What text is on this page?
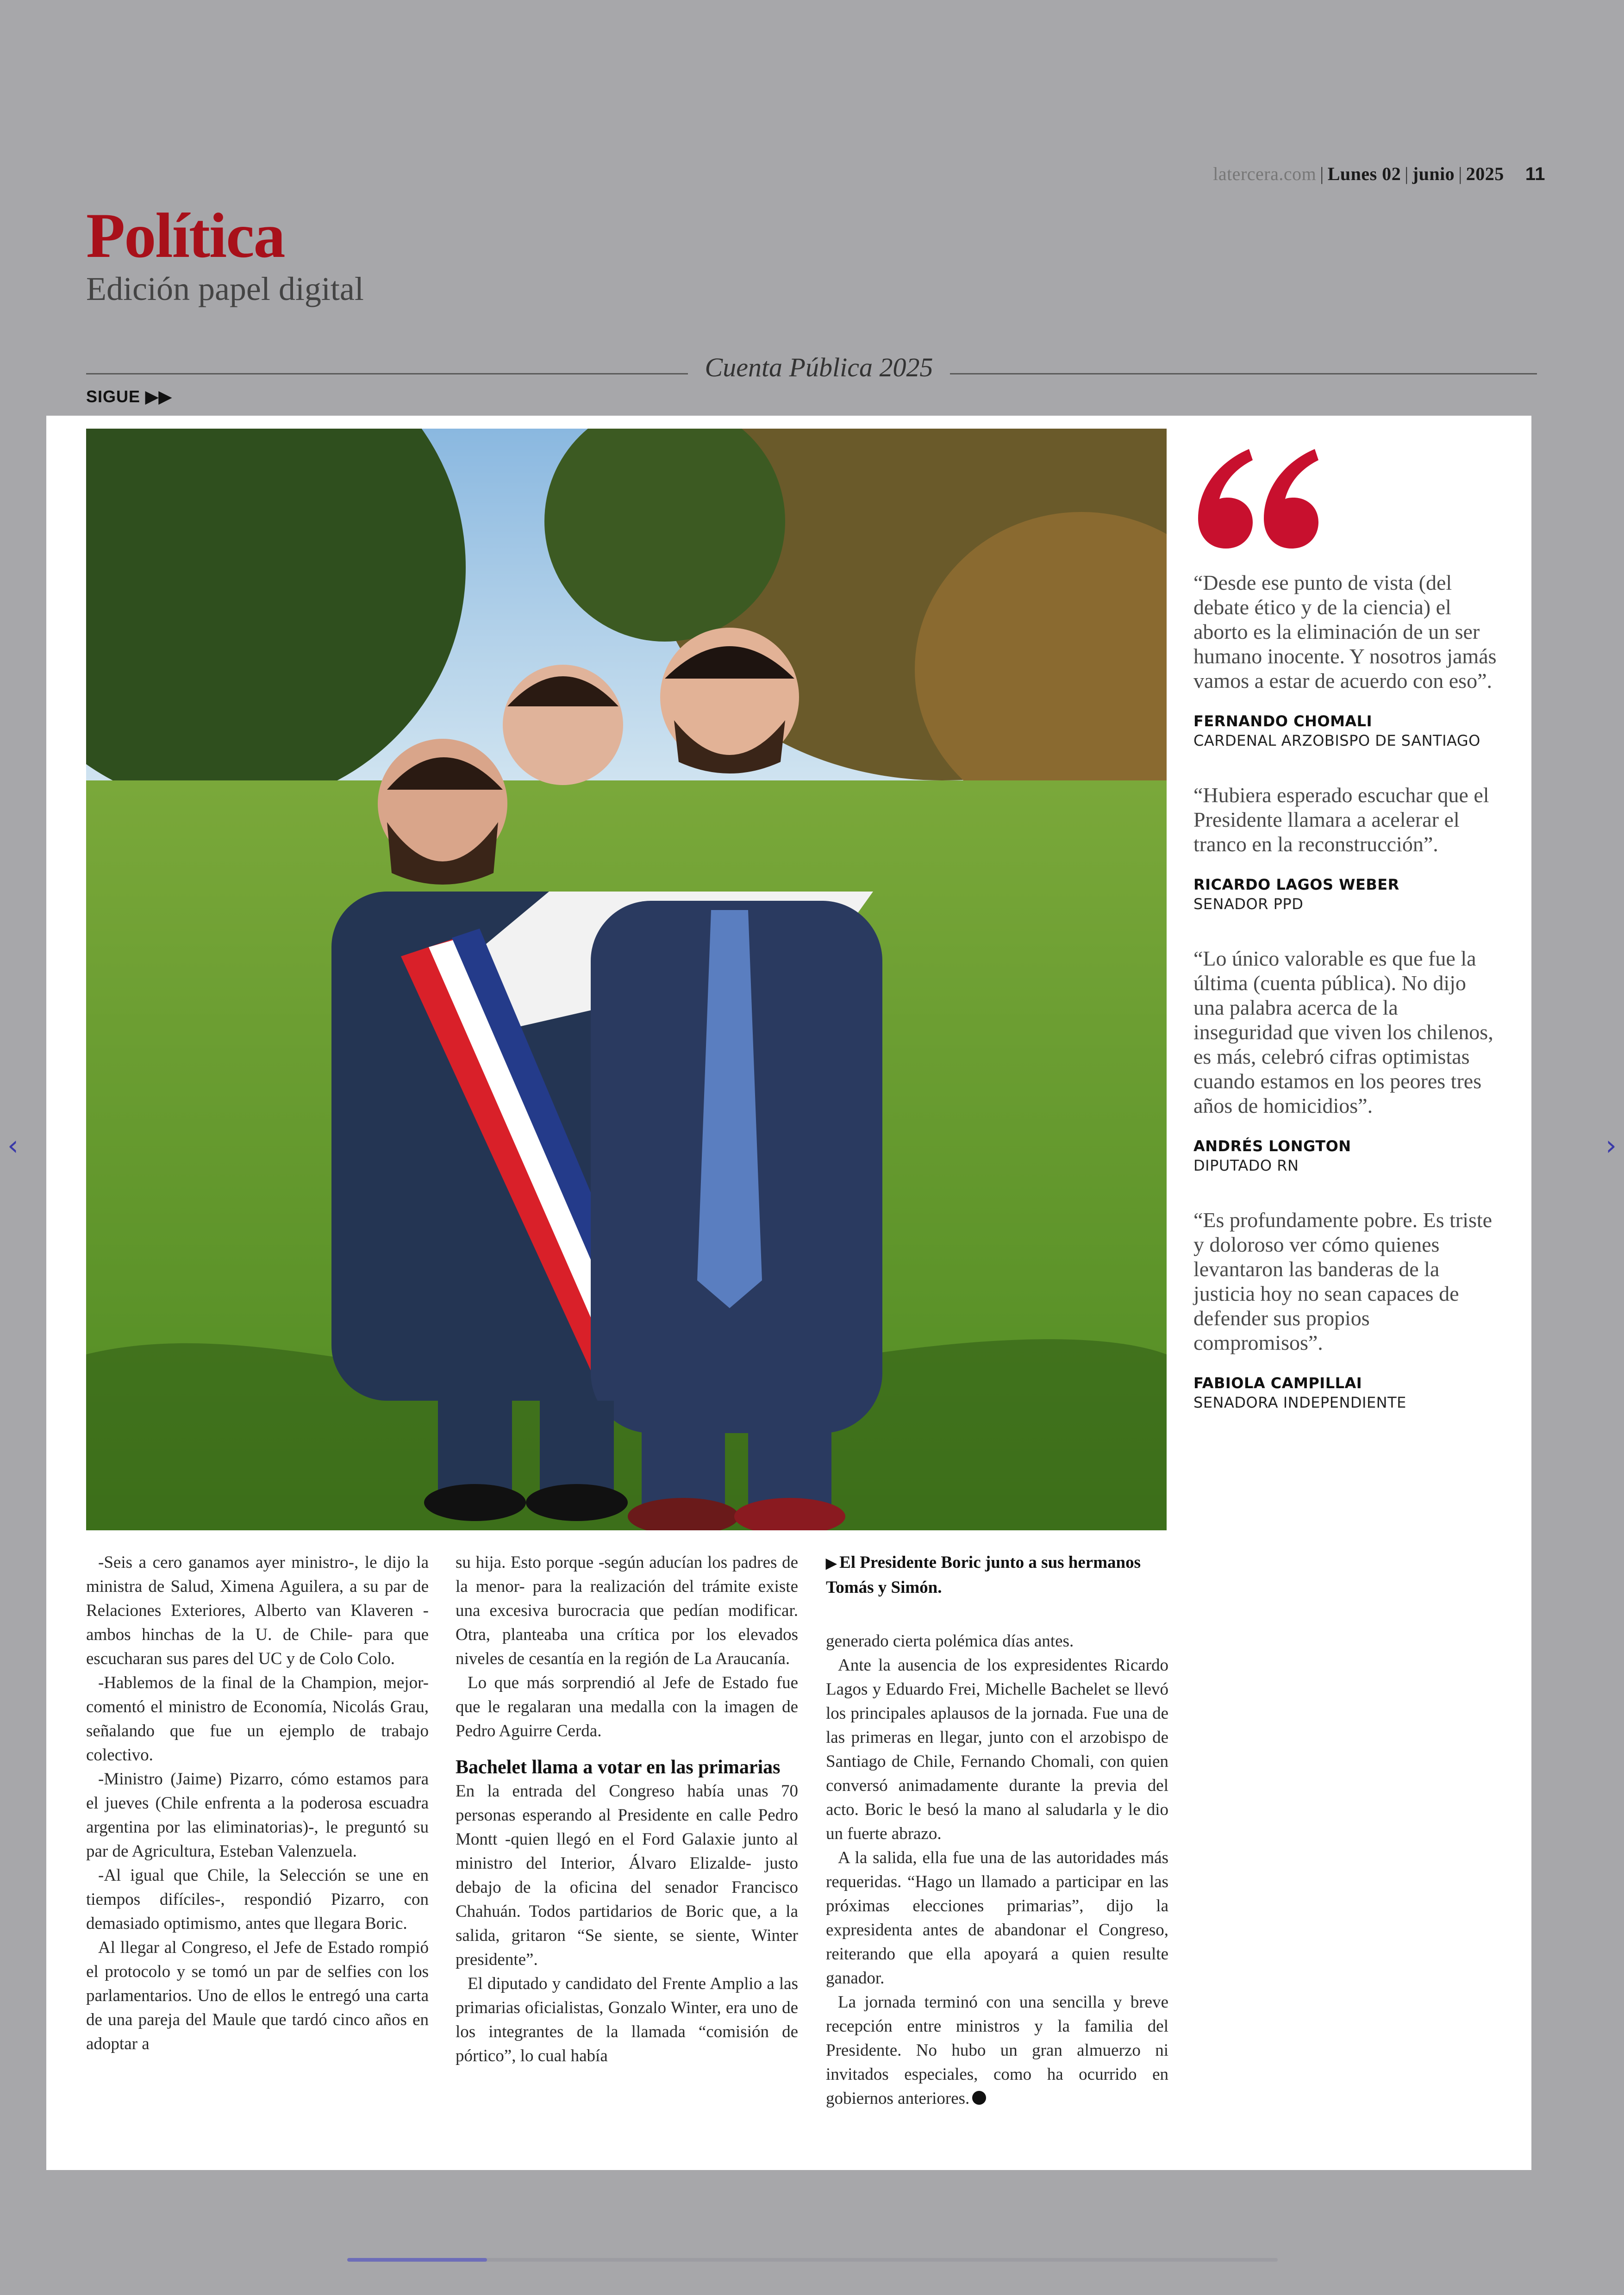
latercera.com | Lunes 02 | junio | 2025 11
Política
Edición papel digital
Cuenta Pública 2025
SIGUE ▶▶

-Seis a cero ganamos ayer ministro-, le dijo la ministra de Salud, Ximena Aguilera, a su par de Relaciones Exteriores, Alberto van Klaveren -ambos hinchas de la U. de Chile- para que escucharan sus pares del UC y de Colo Colo.

-Hablemos de la final de la Champion, mejor- comentó el ministro de Economía, Nicolás Grau, señalando que fue un ejemplo de trabajo colectivo.

-Ministro (Jaime) Pizarro, cómo estamos para el jueves (Chile enfrenta a la poderosa escuadra argentina por las eliminatorias)-, le preguntó su par de Agricultura, Esteban Valenzuela.

-Al igual que Chile, la Selección se une en tiempos difíciles-, respondió Pizarro, con demasiado optimismo, antes que llegara Boric.

Al llegar al Congreso, el Jefe de Estado rompió el protocolo y se tomó un par de selfies con los parlamentarios. Uno de ellos le entregó una carta de una pareja del Maule que tardó cinco años en adoptar a

su hija. Esto porque -según aducían los padres de la menor- para la realización del trámite existe una excesiva burocracia que pedían modificar. Otra, planteaba una crítica por los elevados niveles de cesantía en la región de La Araucanía.

Lo que más sorprendió al Jefe de Estado fue que le regalaran una medalla con la imagen de Pedro Aguirre Cerda.

Bachelet llama a votar en las primarias

En la entrada del Congreso había unas 70 personas esperando al Presidente en calle Pedro Montt -quien llegó en el Ford Galaxie junto al ministro del Interior, Álvaro Elizalde- justo debajo de la oficina del senador Francisco Chahuán. Todos partidarios de Boric que, a la salida, gritaron “Se siente, se siente, Winter presidente”.

El diputado y candidato del Frente Amplio a las primarias oficialistas, Gonzalo Winter, era uno de los integrantes de la llamada “comisión de pórtico”, lo cual había

▶ El Presidente Boric junto a sus hermanos Tomás y Simón.

generado cierta polémica días antes.

Ante la ausencia de los expresidentes Ricardo Lagos y Eduardo Frei, Michelle Bachelet se llevó los principales aplausos de la jornada. Fue una de las primeras en llegar, junto con el arzobispo de Santiago de Chile, Fernando Chomali, con quien conversó animadamente durante la previa del acto. Boric le besó la mano al saludarla y le dio un fuerte abrazo.

A la salida, ella fue una de las autoridades más requeridas. “Hago un llamado a participar en las próximas elecciones primarias”, dijo la expresidenta antes de abandonar el Congreso, reiterando que ella apoyará a quien resulte ganador.

La jornada terminó con una sencilla y breve recepción entre ministros y la familia del Presidente. No hubo un gran almuerzo ni invitados especiales, como ha ocurrido en gobiernos anteriores.

“Desde ese punto de vista (del debate ético y de la ciencia) el aborto es la eliminación de un ser humano inocente. Y nosotros jamás vamos a estar de acuerdo con eso”.

FERNANDO CHOMALI
CARDENAL ARZOBISPO DE SANTIAGO

“Hubiera esperado escuchar que el Presidente llamara a acelerar el tranco en la reconstrucción”.

RICARDO LAGOS WEBER
SENADOR PPD

“Lo único valorable es que fue la última (cuenta pública). No dijo una palabra acerca de la inseguridad que viven los chilenos, es más, celebró cifras optimistas cuando estamos en los peores tres años de homicidios”.

ANDRÉS LONGTON
DIPUTADO RN

“Es profundamente pobre. Es triste y doloroso ver cómo quienes levantaron las banderas de la justicia hoy no sean capaces de defender sus propios compromisos”.

FABIOLA CAMPILLAI
SENADORA INDEPENDIENTE
‹	›
